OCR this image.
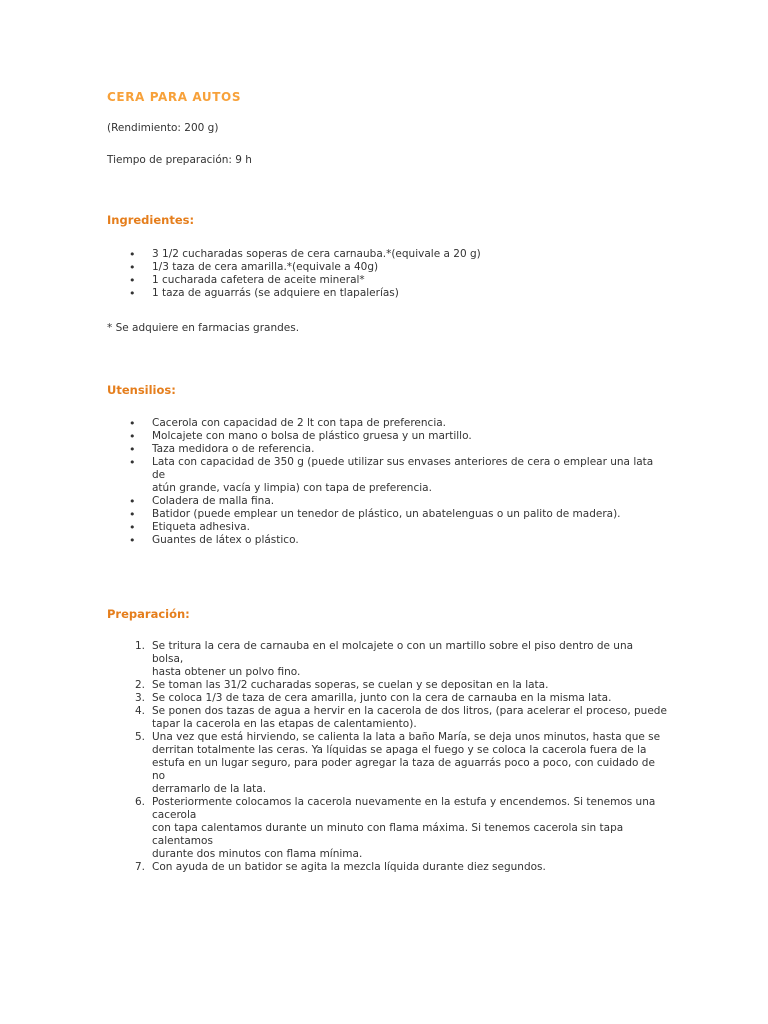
CERA PARA AUTOS

(Rendimiento: 200 g)

Tiempo de preparación: 9 h

Ingredientes:
• 3 1/2 cucharadas soperas de cera carnauba.*(equivale a 20 g)
• 1/3 taza de cera amarilla.*(equivale a 40g)
• 1 cucharada cafetera de aceite mineral*
• 1 taza de aguarrás (se adquiere en tlapalerías)

* Se adquiere en farmacias grandes.

Utensilios:
• Cacerola con capacidad de 2 lt con tapa de preferencia.
• Molcajete con mano o bolsa de plástico gruesa y un martillo.
• Taza medidora o de referencia.
• Lata con capacidad de 350 g (puede utilizar sus envases anteriores de cera o emplear una lata de
atún grande, vacía y limpia) con tapa de preferencia.
• Coladera de malla fina.
• Batidor (puede emplear un tenedor de plástico, un abatelenguas o un palito de madera).
• Etiqueta adhesiva.
• Guantes de látex o plástico.
Preparación:
1. Se tritura la cera de carnauba en el molcajete o con un martillo sobre el piso dentro de una bolsa,
hasta obtener un polvo fino.
2. Se toman las 31/2 cucharadas soperas, se cuelan y se depositan en la lata.
3. Se coloca 1/3 de taza de cera amarilla, junto con la cera de carnauba en la misma lata.
4. Se ponen dos tazas de agua a hervir en la cacerola de dos litros, (para acelerar el proceso, puede
tapar la cacerola en las etapas de calentamiento).
5. Una vez que está hirviendo, se calienta la lata a baño María, se deja unos minutos, hasta que se
derritan totalmente las ceras. Ya líquidas se apaga el fuego y se coloca la cacerola fuera de la
estufa en un lugar seguro, para poder agregar la taza de aguarrás poco a poco, con cuidado de no
derramarlo de la lata.
6. Posteriormente colocamos la cacerola nuevamente en la estufa y encendemos. Si tenemos una cacerola
con tapa calentamos durante un minuto con flama máxima. Si tenemos cacerola sin tapa calentamos
durante dos minutos con flama mínima.
7. Con ayuda de un batidor se agita la mezcla líquida durante diez segundos.
